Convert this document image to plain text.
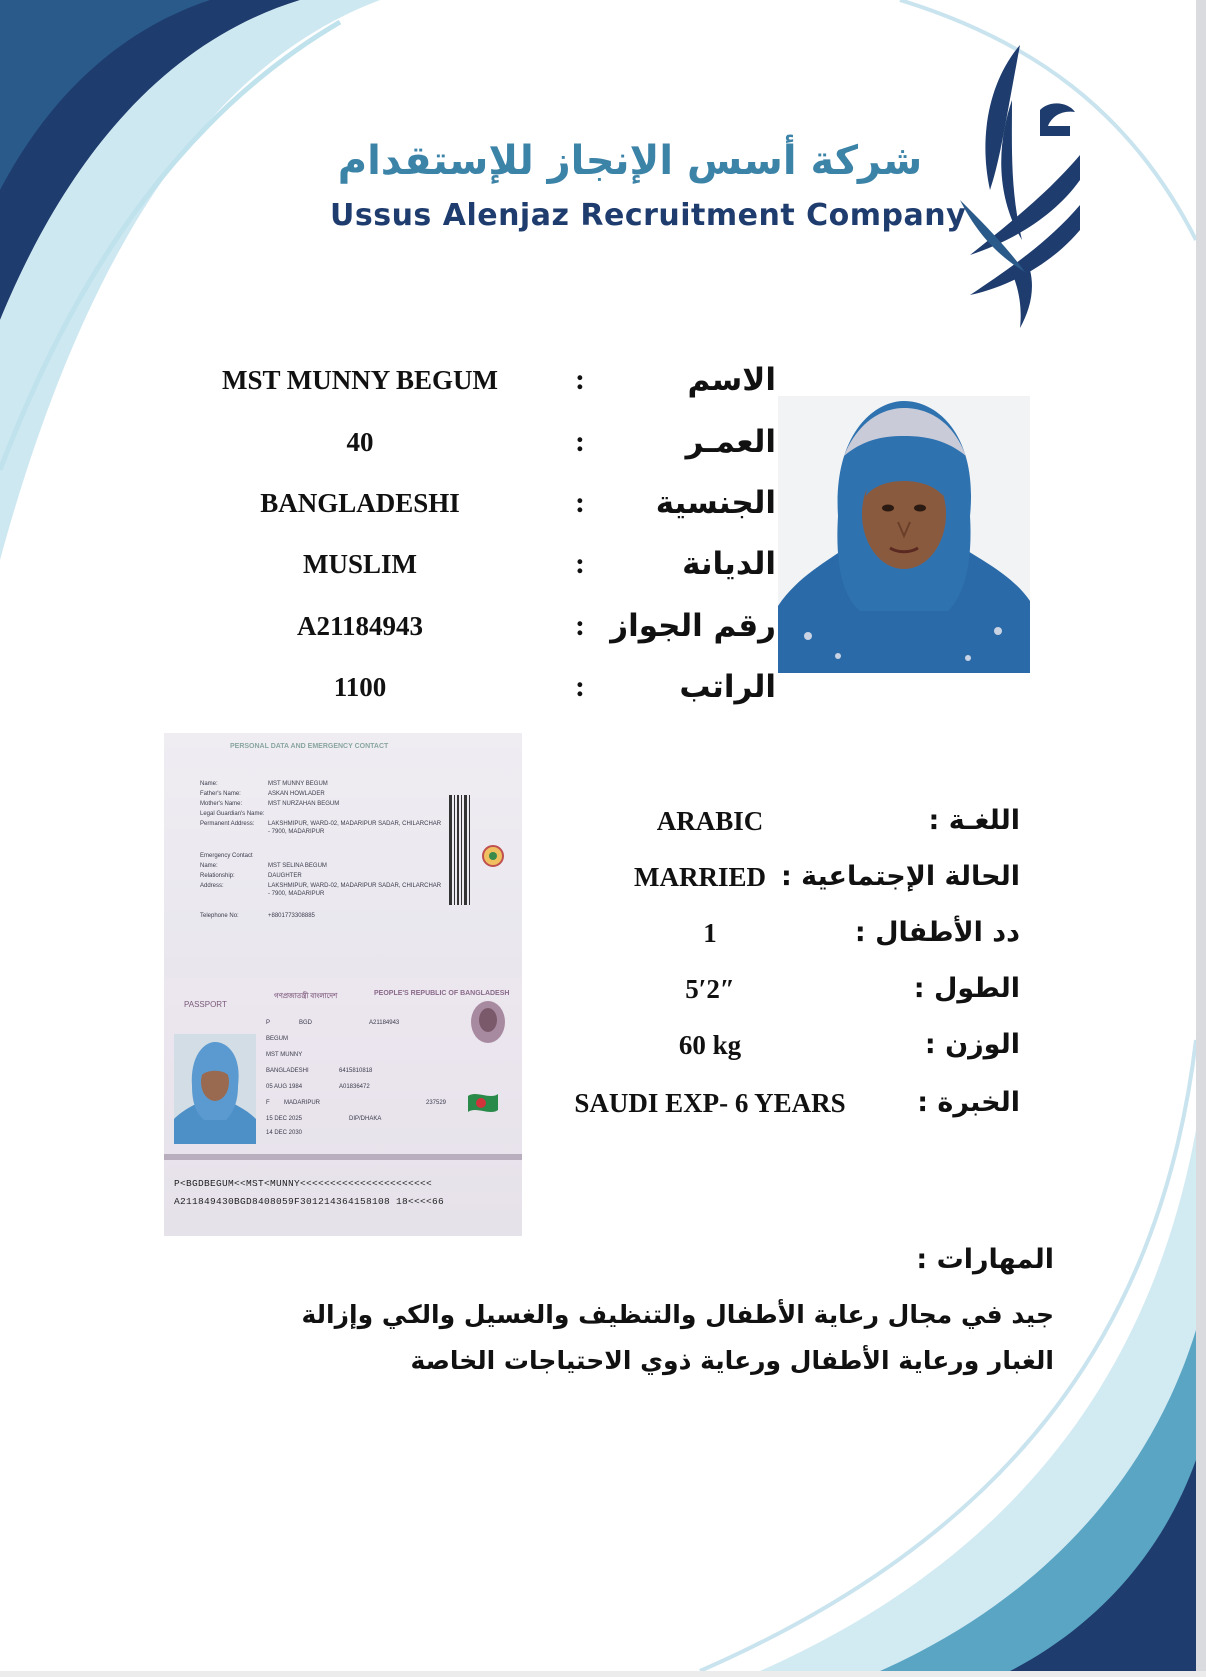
شركة أسس الإنجاز للإستقدام
Ussus Alenjaz Recruitment Company
MST MUNNY BEGUM	:	الاسم
40	:	العمـر
BANGLADESHI	:	الجنسية
MUSLIM	:	الديانة
A21184943	: رقم الجواز
1100	:	الراتب
PERSONAL DATA AND EMERGENCY CONTACT
Name:	MST MUNNY BEGUM
Father's Name:	ASKAN HOWLADER
Mother's Name:	MST NURZAHAN BEGUM
Legal Guardian's Name:
Permanent Address: LAKSHMIPUR, WARD-02, MADARIPUR SADAR, CHILARCHAR
- 7900, MADARIPUR
Emergency Contact
Name:	MST SELINA BEGUM
Relationship:	DAUGHTER
Address:	LAKSHMIPUR, WARD-02, MADARIPUR SADAR, CHILARCHAR
- 7900, MADARIPUR
Telephone No:	+8801773308885
গণপ্রজাতন্ত্রী বাংলাদেশ	PEOPLE'S REPUBLIC OF BANGLADESH
PASSPORT
P	BGD	A21184943
BEGUM
MST MUNNY
BANGLADESHI	6415810818
05 AUG 1984	A01836472
F MADARIPUR	237529
15 DEC 2025	DIP/DHAKA
14 DEC 2030
P<BGDBEGUM<<MST<MUNNY<<<<<<<<<<<<<<<<<<<<<<
A211849430BGD8408059F301214364158108 18<<<<66
ARABIC	اللغـة :
MARRIED الحالة الإجتماعية :
1	دد الأطفال :
5′2″	الطول :
60 kg	الوزن :
SAUDI EXP- 6 YEARS	الخبرة :
المهارات :
جيد في مجال رعاية الأطفال والتنظيف والغسيل والكي وإزالة الغبار ورعاية الأطفال ورعاية ذوي الاحتياجات الخاصة
